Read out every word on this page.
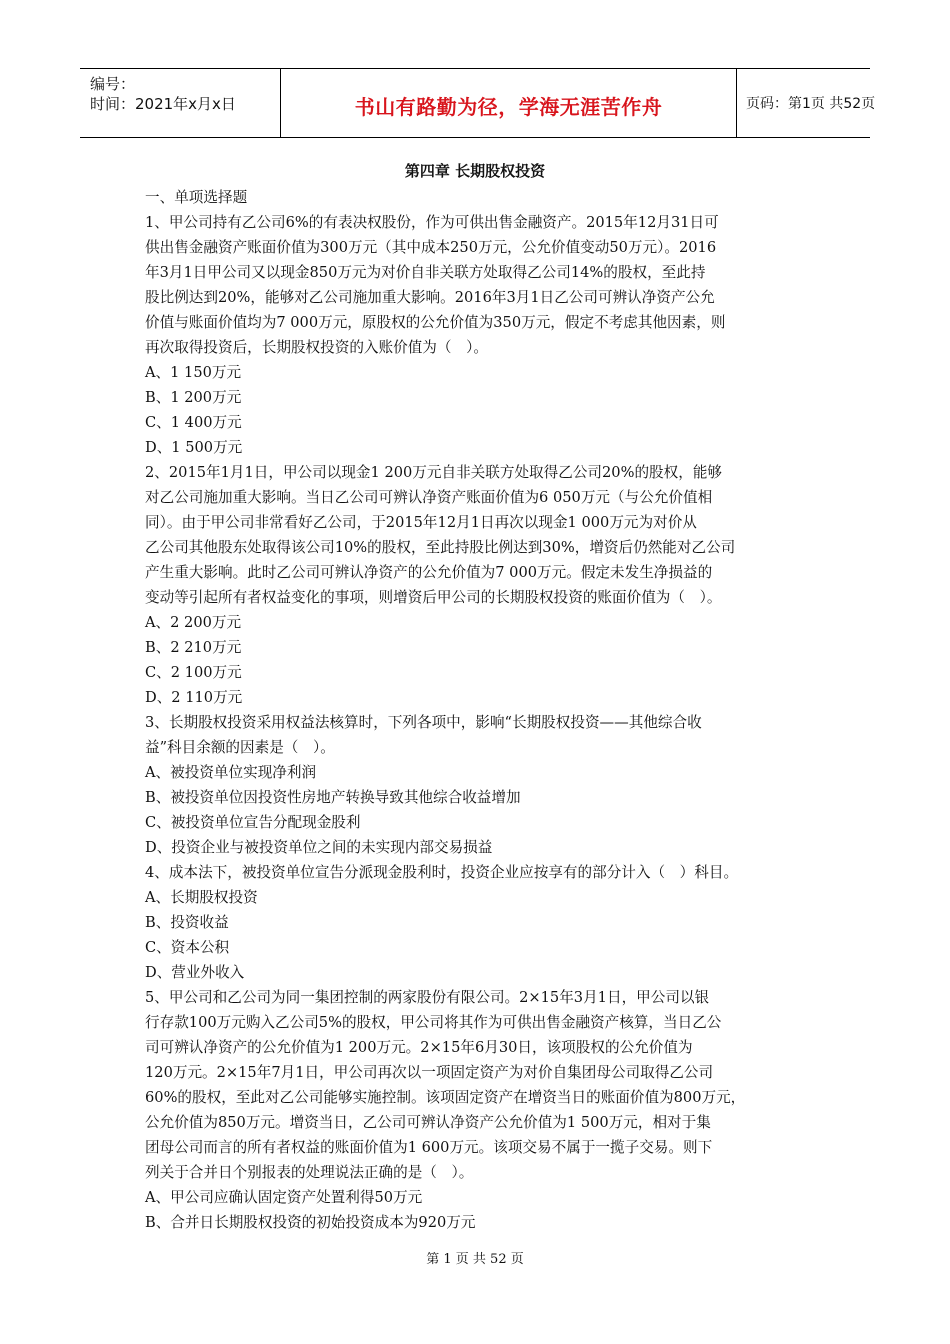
编号：
时间：2021年x月x日	书山有路勤为径，学海无涯苦作舟	页码：第1页 共52页
第四章 长期股权投资
一、单项选择题
1、甲公司持有乙公司6%的有表决权股份，作为可供出售金融资产。2015年12月31日可
供出售金融资产账面价值为300万元（其中成本250万元，公允价值变动50万元）。2016
年3月1日甲公司又以现金850万元为对价自非关联方处取得乙公司14%的股权，至此持
股比例达到20%，能够对乙公司施加重大影响。2016年3月1日乙公司可辨认净资产公允
价值与账面价值均为7 000万元，原股权的公允价值为350万元，假定不考虑其他因素，则
再次取得投资后，长期股权投资的入账价值为（　）。
A、1 150万元
B、1 200万元
C、1 400万元
D、1 500万元
2、2015年1月1日，甲公司以现金1 200万元自非关联方处取得乙公司20%的股权，能够
对乙公司施加重大影响。当日乙公司可辨认净资产账面价值为6 050万元（与公允价值相
同）。由于甲公司非常看好乙公司，于2015年12月1日再次以现金1 000万元为对价从
乙公司其他股东处取得该公司10%的股权，至此持股比例达到30%，增资后仍然能对乙公司
产生重大影响。此时乙公司可辨认净资产的公允价值为7 000万元。假定未发生净损益的
变动等引起所有者权益变化的事项，则增资后甲公司的长期股权投资的账面价值为（　）。
A、2 200万元
B、2 210万元
C、2 100万元
D、2 110万元
3、长期股权投资采用权益法核算时，下列各项中，影响“长期股权投资——其他综合收
益”科目余额的因素是（　）。
A、被投资单位实现净利润
B、被投资单位因投资性房地产转换导致其他综合收益增加
C、被投资单位宣告分配现金股利
D、投资企业与被投资单位之间的未实现内部交易损益
4、成本法下，被投资单位宣告分派现金股利时，投资企业应按享有的部分计入（　）科目。
A、长期股权投资
B、投资收益
C、资本公积
D、营业外收入
5、甲公司和乙公司为同一集团控制的两家股份有限公司。2×15年3月1日，甲公司以银
行存款100万元购入乙公司5%的股权，甲公司将其作为可供出售金融资产核算，当日乙公
司可辨认净资产的公允价值为1 200万元。2×15年6月30日，该项股权的公允价值为
120万元。2×15年7月1日，甲公司再次以一项固定资产为对价自集团母公司取得乙公司
60%的股权，至此对乙公司能够实施控制。该项固定资产在增资当日的账面价值为800万元，
公允价值为850万元。增资当日，乙公司可辨认净资产公允价值为1 500万元，相对于集
团母公司而言的所有者权益的账面价值为1 600万元。该项交易不属于一揽子交易。则下
列关于合并日个别报表的处理说法正确的是（　）。
A、甲公司应确认固定资产处置利得50万元
B、合并日长期股权投资的初始投资成本为920万元
第 1 页 共 52 页
